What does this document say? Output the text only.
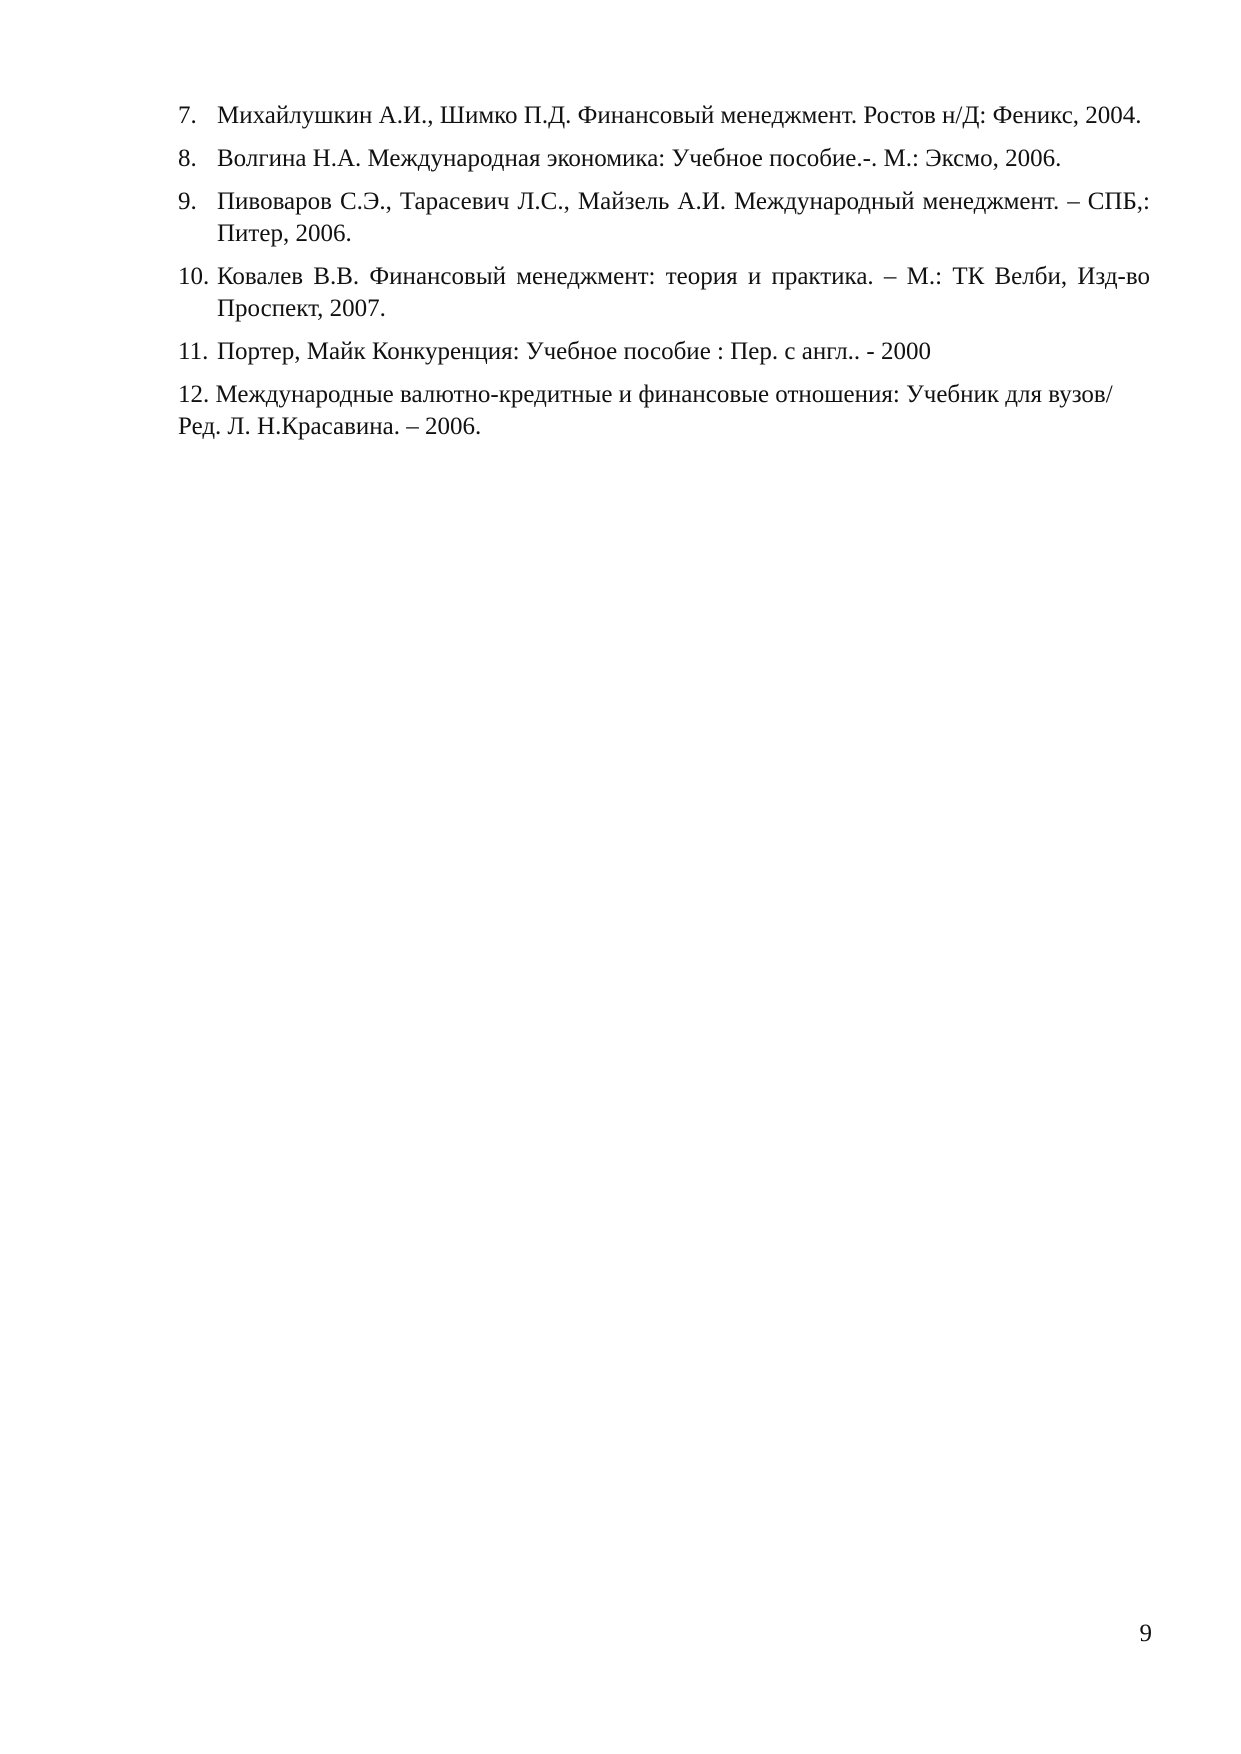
7. Михайлушкин А.И., Шимко П.Д. Финансовый менеджмент. Ростов н/Д: Феникс, 2004.
8. Волгина Н.А. Международная экономика: Учебное пособие.-. М.: Эксмо, 2006.
9. Пивоваров С.Э., Тарасевич Л.С., Майзель А.И. Международный менеджмент. – СПБ,: Питер, 2006.
10. Ковалев В.В. Финансовый менеджмент: теория и практика. – М.: ТК Велби, Изд-во Проспект, 2007.
11. Портер, Майк Конкуренция: Учебное пособие : Пер. с англ.. - 2000
12. Международные валютно-кредитные и финансовые отношения: Учебник для вузов/ Ред. Л. Н.Красавина. – 2006.
9
